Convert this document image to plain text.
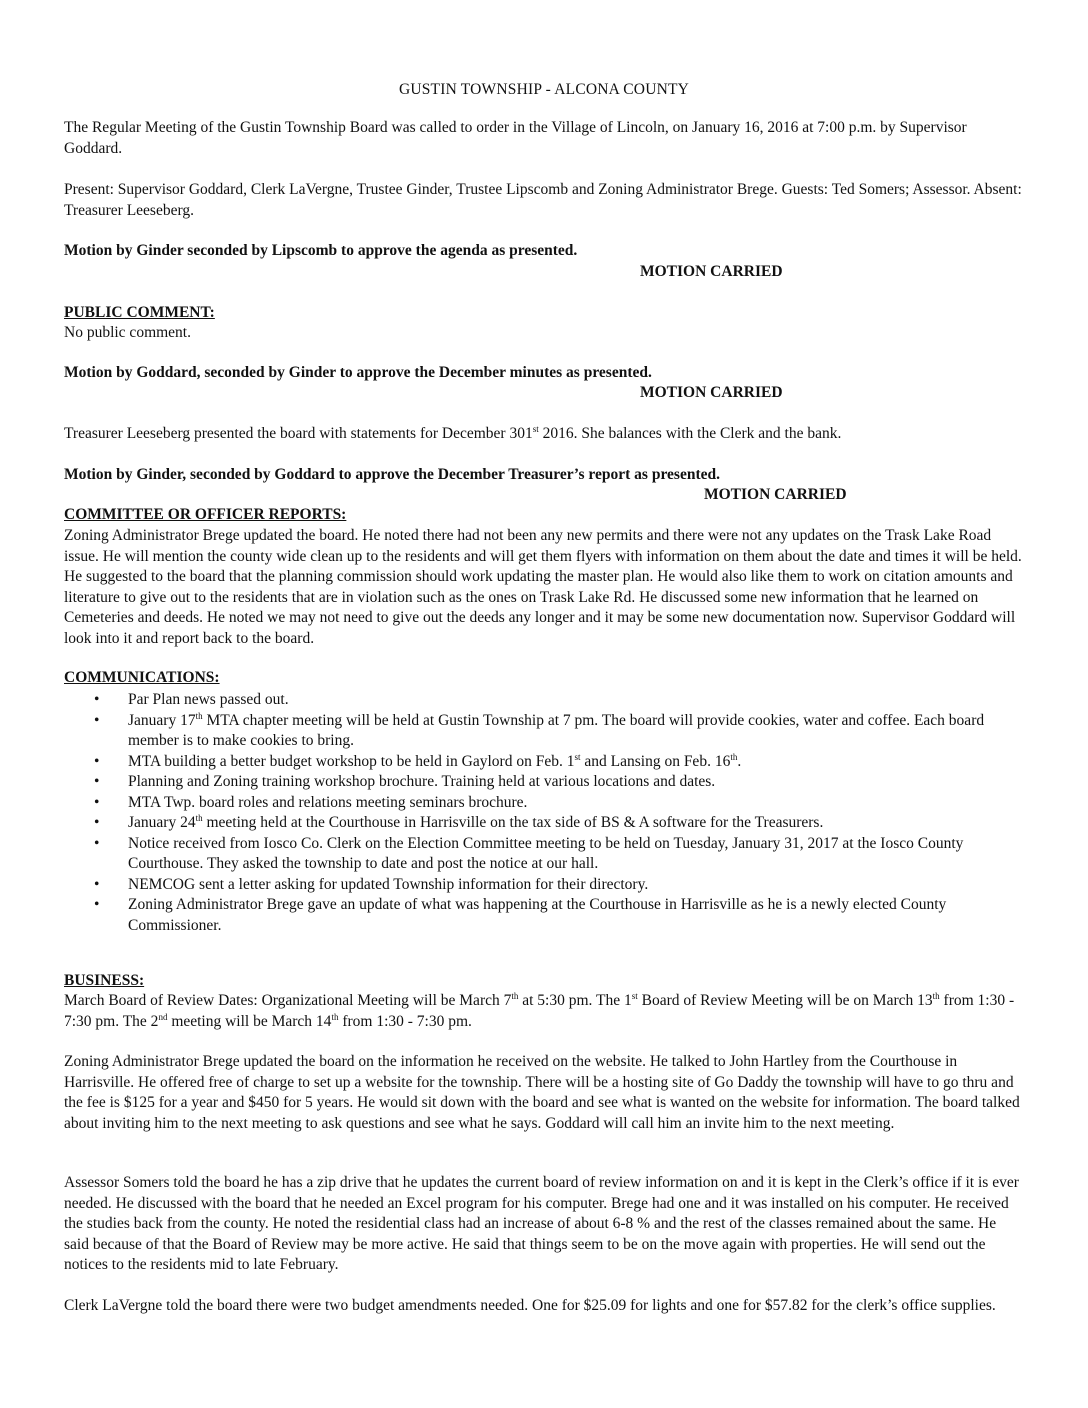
GUSTIN TOWNSHIP - ALCONA COUNTY

The Regular Meeting of the Gustin Township Board was called to order in the Village of Lincoln, on January 16, 2016 at 7:00 p.m. by Supervisor Goddard.

Present: Supervisor Goddard, Clerk LaVergne, Trustee Ginder, Trustee Lipscomb and Zoning Administrator Brege. Guests: Ted Somers; Assessor. Absent: Treasurer Leeseberg.

Motion by Ginder seconded by Lipscomb to approve the agenda as presented.

MOTION CARRIED
PUBLIC COMMENT:

No public comment.

Motion by Goddard, seconded by Ginder to approve the December minutes as presented.

MOTION CARRIED

Treasurer Leeseberg presented the board with statements for December 301st 2016. She balances with the Clerk and the bank.

Motion by Ginder, seconded by Goddard to approve the December Treasurer’s report as presented.

MOTION CARRIED
COMMITTEE OR OFFICER REPORTS:

Zoning Administrator Brege updated the board. He noted there had not been any new permits and there were not any updates on the Trask Lake Road issue. He will mention the county wide clean up to the residents and will get them flyers with information on them about the date and times it will be held. He suggested to the board that the planning commission should work updating the master plan. He would also like them to work on citation amounts and literature to give out to the residents that are in violation such as the ones on Trask Lake Rd. He discussed some new information that he learned on Cemeteries and deeds. He noted we may not need to give out the deeds any longer and it may be some new documentation now. Supervisor Goddard will look into it and report back to the board.

COMMUNICATIONS:
• Par Plan news passed out.
• January 17th MTA chapter meeting will be held at Gustin Township at 7 pm. The board will provide cookies, water and coffee. Each board member is to make cookies to bring.
• MTA building a better budget workshop to be held in Gaylord on Feb. 1st and Lansing on Feb. 16th.
• Planning and Zoning training workshop brochure. Training held at various locations and dates.
• MTA Twp. board roles and relations meeting seminars brochure.
• January 24th meeting held at the Courthouse in Harrisville on the tax side of BS & A software for the Treasurers.
• Notice received from Iosco Co. Clerk on the Election Committee meeting to be held on Tuesday, January 31, 2017 at the Iosco County Courthouse. They asked the township to date and post the notice at our hall.
• NEMCOG sent a letter asking for updated Township information for their directory.
• Zoning Administrator Brege gave an update of what was happening at the Courthouse in Harrisville as he is a newly elected County Commissioner.
BUSINESS:

March Board of Review Dates: Organizational Meeting will be March 7th at 5:30 pm. The 1st Board of Review Meeting will be on March 13th from 1:30 - 7:30 pm. The 2nd meeting will be March 14th from 1:30 - 7:30 pm.

Zoning Administrator Brege updated the board on the information he received on the website. He talked to John Hartley from the Courthouse in Harrisville. He offered free of charge to set up a website for the township. There will be a hosting site of Go Daddy the township will have to go thru and the fee is $125 for a year and $450 for 5 years. He would sit down with the board and see what is wanted on the website for information. The board talked about inviting him to the next meeting to ask questions and see what he says. Goddard will call him an invite him to the next meeting.

Assessor Somers told the board he has a zip drive that he updates the current board of review information on and it is kept in the Clerk’s office if it is ever needed. He discussed with the board that he needed an Excel program for his computer. Brege had one and it was installed on his computer. He received the studies back from the county. He noted the residential class had an increase of about 6-8 % and the rest of the classes remained about the same. He said because of that the Board of Review may be more active. He said that things seem to be on the move again with properties. He will send out the notices to the residents mid to late February.

Clerk LaVergne told the board there were two budget amendments needed. One for $25.09 for lights and one for $57.82 for the clerk’s office supplies.
